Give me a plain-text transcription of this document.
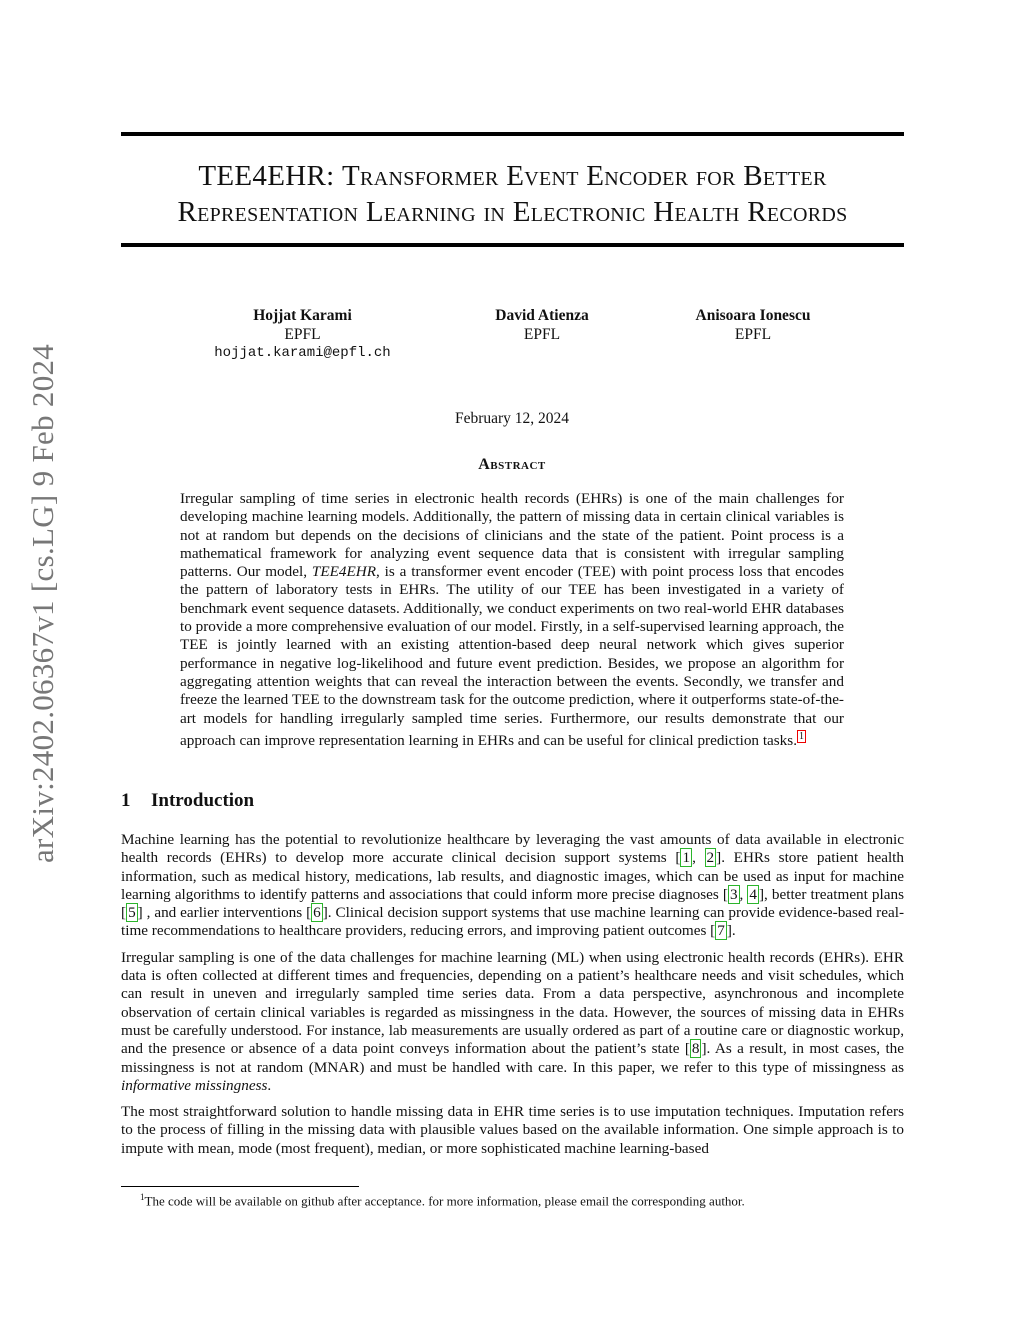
arXiv:2402.06367v1 [cs.LG] 9 Feb 2024
TEE4EHR: Transformer Event Encoder for Better
Representation Learning in Electronic Health Records
Hojjat Karami
EPFL
hojjat.karami@epfl.ch
David Atienza
EPFL
Anisoara Ionescu
EPFL
February 12, 2024
Abstract
Irregular sampling of time series in electronic health records (EHRs) is one of the main challenges for developing machine learning models. Additionally, the pattern of missing data in certain clinical variables is not at random but depends on the decisions of clinicians and the state of the patient. Point process is a mathematical framework for analyzing event sequence data that is consistent with irregular sampling patterns. Our model, TEE4EHR, is a transformer event encoder (TEE) with point process loss that encodes the pattern of laboratory tests in EHRs. The utility of our TEE has been investigated in a variety of benchmark event sequence datasets. Additionally, we conduct experiments on two real-world EHR databases to provide a more comprehensive evaluation of our model. Firstly, in a self-supervised learning approach, the TEE is jointly learned with an existing attention-based deep neural network which gives superior performance in negative log-likelihood and future event prediction. Besides, we propose an algorithm for aggregating attention weights that can reveal the interaction between the events. Secondly, we transfer and freeze the learned TEE to the downstream task for the outcome prediction, where it outperforms state-of-the-art models for handling irregularly sampled time series. Furthermore, our results demonstrate that our approach can improve representation learning in EHRs and can be useful for clinical prediction tasks. $^1$
1 Introduction

Machine learning has the potential to revolutionize healthcare by leveraging the vast amounts of data available in electronic health records (EHRs) to develop more accurate clinical decision support systems [ 1 , 2 ]. EHRs store patient health information, such as medical history, medications, lab results, and diagnostic images, which can be used as input for machine learning algorithms to identify patterns and associations that could inform more precise diagnoses [ 3 , 4 ], better treatment plans [ 5 ] , and earlier interventions [ 6 ]. Clinical decision support systems that use machine learning can provide evidence-based real-time recommendations to healthcare providers, reducing errors, and improving patient outcomes [ 7 ].

Irregular sampling is one of the data challenges for machine learning (ML) when using electronic health records (EHRs). EHR data is often collected at different times and frequencies, depending on a patient’s healthcare needs and visit schedules, which can result in uneven and irregularly sampled time series data. From a data perspective, asynchronous and incomplete observation of certain clinical variables is regarded as missingness in the data. However, the sources of missing data in EHRs must be carefully understood. For instance, lab measurements are usually ordered as part of a routine care or diagnostic workup, and the presence or absence of a data point conveys information about the patient’s state [ 8 ]. As a result, in most cases, the missingness is not at random (MNAR) and must be handled with care. In this paper, we refer to this type of missingness as informative missingness.

The most straightforward solution to handle missing data in EHR time series is to use imputation techniques. Imputation refers to the process of filling in the missing data with plausible values based on the available information. One simple approach is to impute with mean, mode (most frequent), median, or more sophisticated machine learning-based

$^1$The code will be available on github after acceptance. for more information, please email the corresponding author.
